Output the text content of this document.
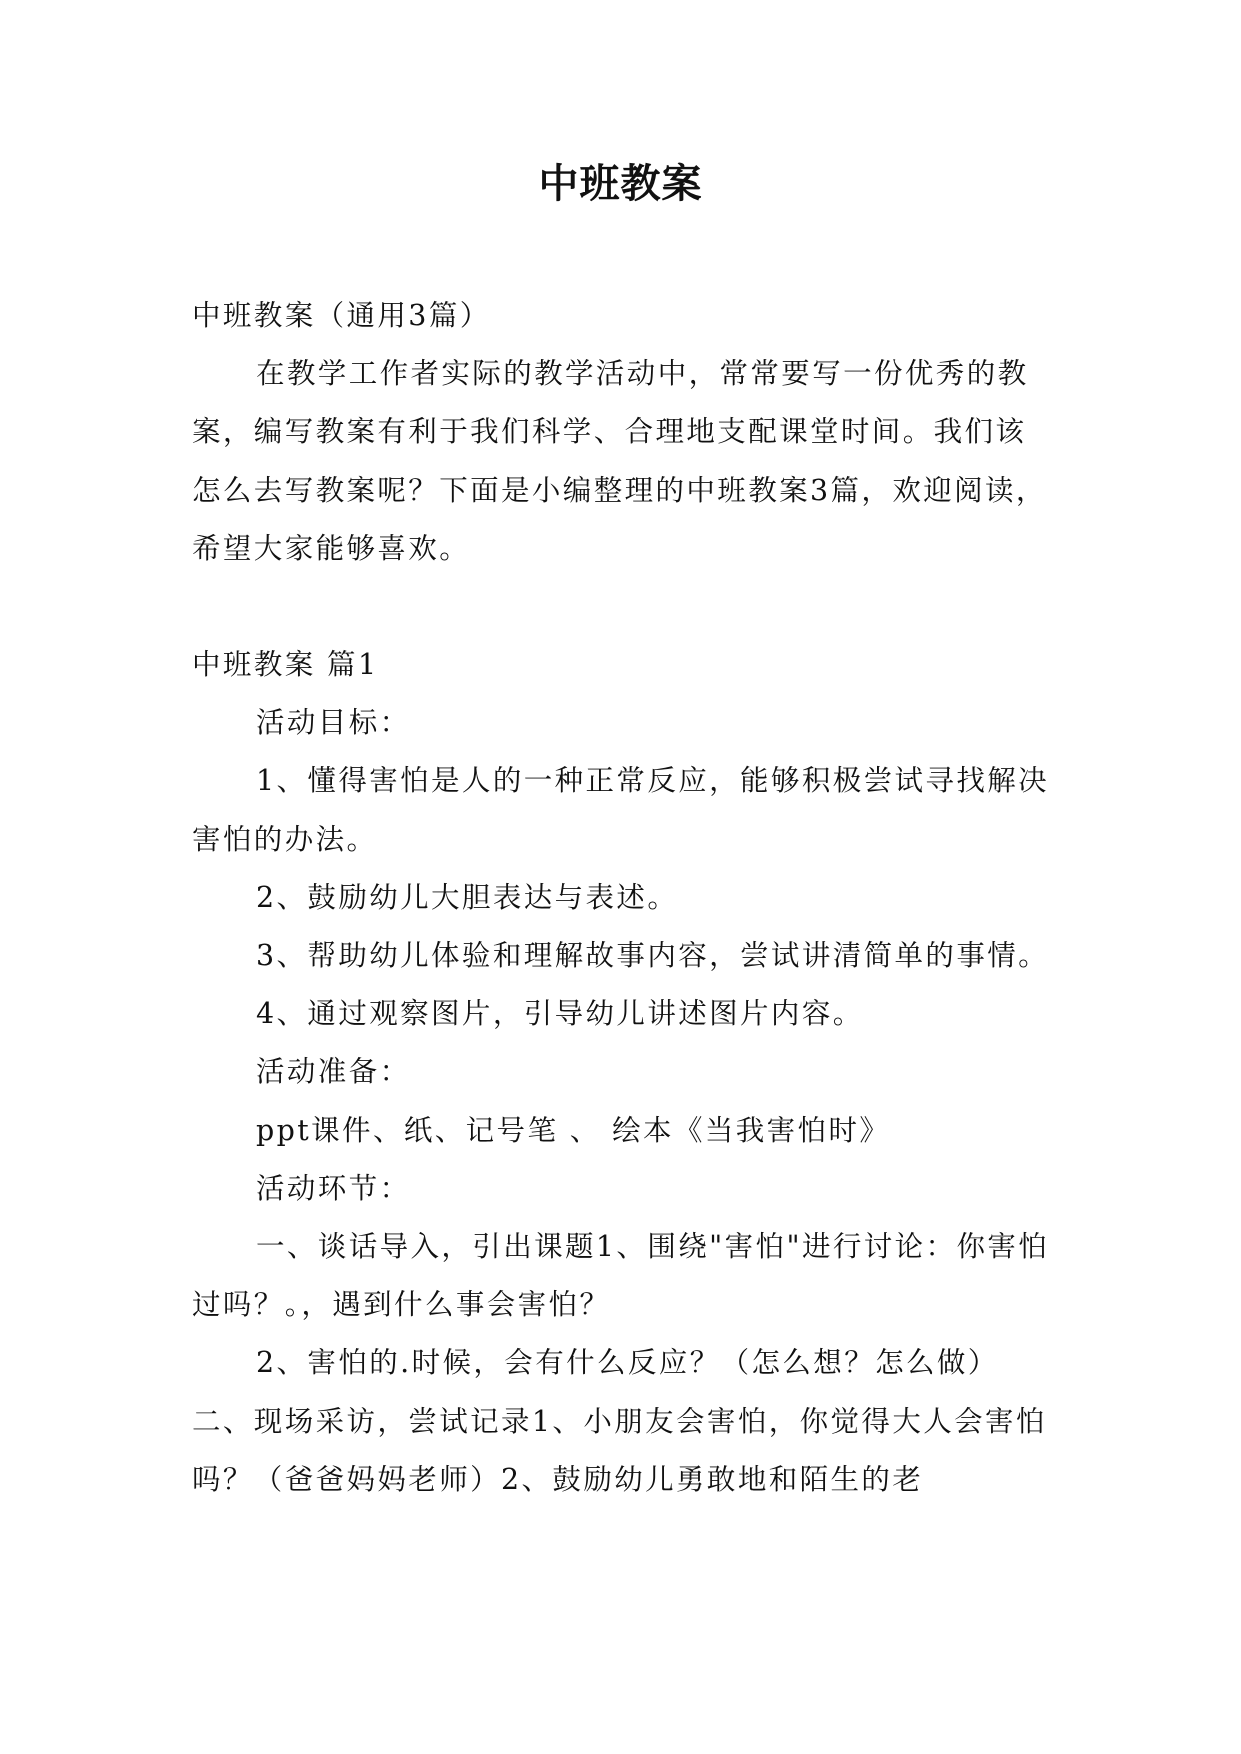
中班教案

中班教案（通用3篇）

在教学工作者实际的教学活动中，常常要写一份优秀的教案，编写教案有利于我们科学、合理地支配课堂时间。我们该怎么去写教案呢？下面是小编整理的中班教案3篇，欢迎阅读，希望大家能够喜欢。

中班教案 篇1

活动目标：

1、懂得害怕是人的一种正常反应，能够积极尝试寻找解决害怕的办法。

2、鼓励幼儿大胆表达与表述。

3、帮助幼儿体验和理解故事内容，尝试讲清简单的事情。

4、通过观察图片，引导幼儿讲述图片内容。

活动准备：

ppt课件、纸、记号笔 、 绘本《当我害怕时》

活动环节：

一、谈话导入，引出课题1、围绕"害怕"进行讨论：你害怕过吗？。，遇到什么事会害怕？

2、害怕的.时候，会有什么反应？（怎么想？怎么做）二、现场采访，尝试记录1、小朋友会害怕，你觉得大人会害怕吗？（爸爸妈妈老师）2、鼓励幼儿勇敢地和陌生的老
